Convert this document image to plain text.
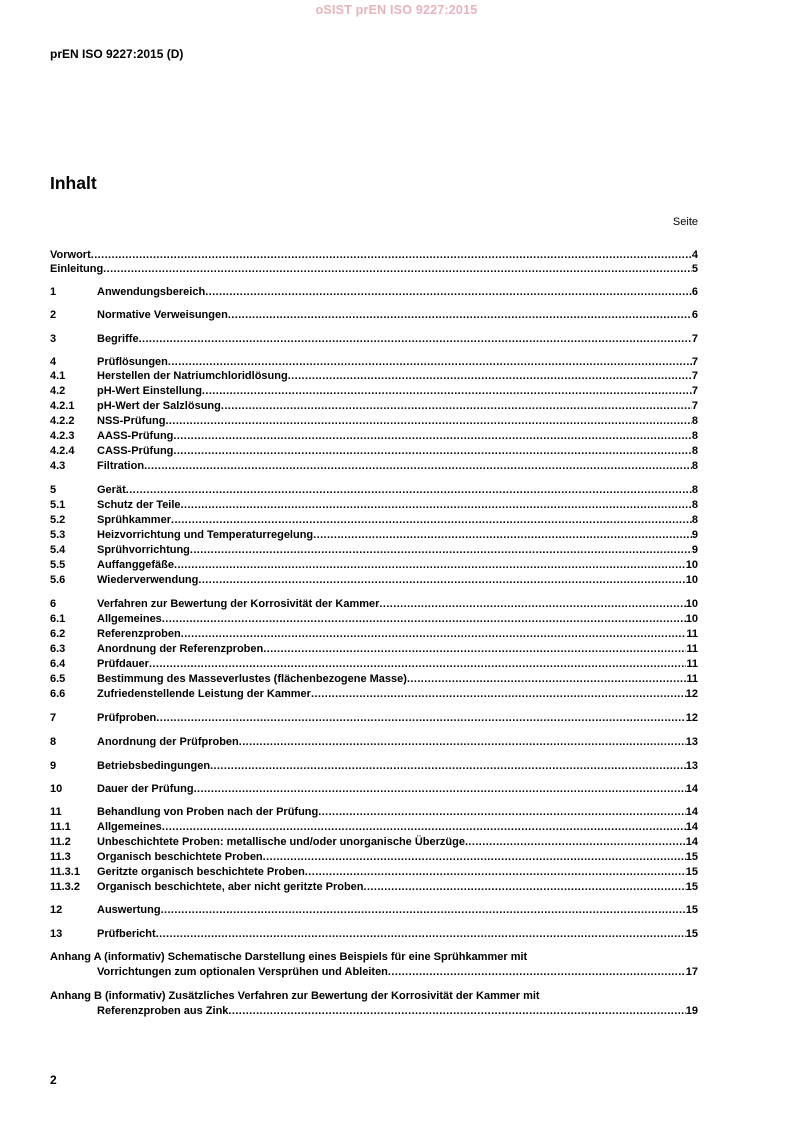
oSIST prEN ISO 9227:2015
prEN ISO 9227:2015 (D)
Inhalt
Seite
Vorwort .....	4
Einleitung .....	5
1	Anwendungsbereich .....	6
2	Normative Verweisungen .....	6
3	Begriffe .....	7
4	Prüflösungen .....	7
4.1	Herstellen der Natriumchloridlösung .....	7
4.2	pH-Wert Einstellung .....	7
4.2.1	pH-Wert der Salzlösung .....	7
4.2.2	NSS-Prüfung .....	8
4.2.3	AASS-Prüfung .....	8
4.2.4	CASS-Prüfung .....	8
4.3	Filtration .....	8
5	Gerät .....	8
5.1	Schutz der Teile .....	8
5.2	Sprühkammer .....	8
5.3	Heizvorrichtung und Temperaturregelung .....	9
5.4	Sprühvorrichtung .....	9
5.5	Auffanggefäße .....	10
5.6	Wiederverwendung .....	10
6	Verfahren zur Bewertung der Korrosivität der Kammer .....	10
6.1	Allgemeines .....	10
6.2	Referenzproben .....	11
6.3	Anordnung der Referenzproben .....	11
6.4	Prüfdauer .....	11
6.5	Bestimmung des Masseverlustes (flächenbezogene Masse) .....	11
6.6	Zufriedenstellende Leistung der Kammer .....	12
7	Prüfproben .....	12
8	Anordnung der Prüfproben .....	13
9	Betriebsbedingungen .....	13
10	Dauer der Prüfung .....	14
11	Behandlung von Proben nach der Prüfung .....	14
11.1	Allgemeines .....	14
11.2	Unbeschichtete Proben: metallische und/oder unorganische Überzüge .....	14
11.3	Organisch beschichtete Proben .....	15
11.3.1	Geritzte organisch beschichtete Proben .....	15
11.3.2	Organisch beschichtete, aber nicht geritzte Proben .....	15
12	Auswertung .....	15
13	Prüfbericht .....	15
Anhang A (informativ) Schematische Darstellung eines Beispiels für eine Sprühkammer mit
Vorrichtungen zum optionalen Versprühen und Ableiten .....	17
Anhang B (informativ) Zusätzliches Verfahren zur Bewertung der Korrosivität der Kammer mit
Referenzproben aus Zink .....	19
2
